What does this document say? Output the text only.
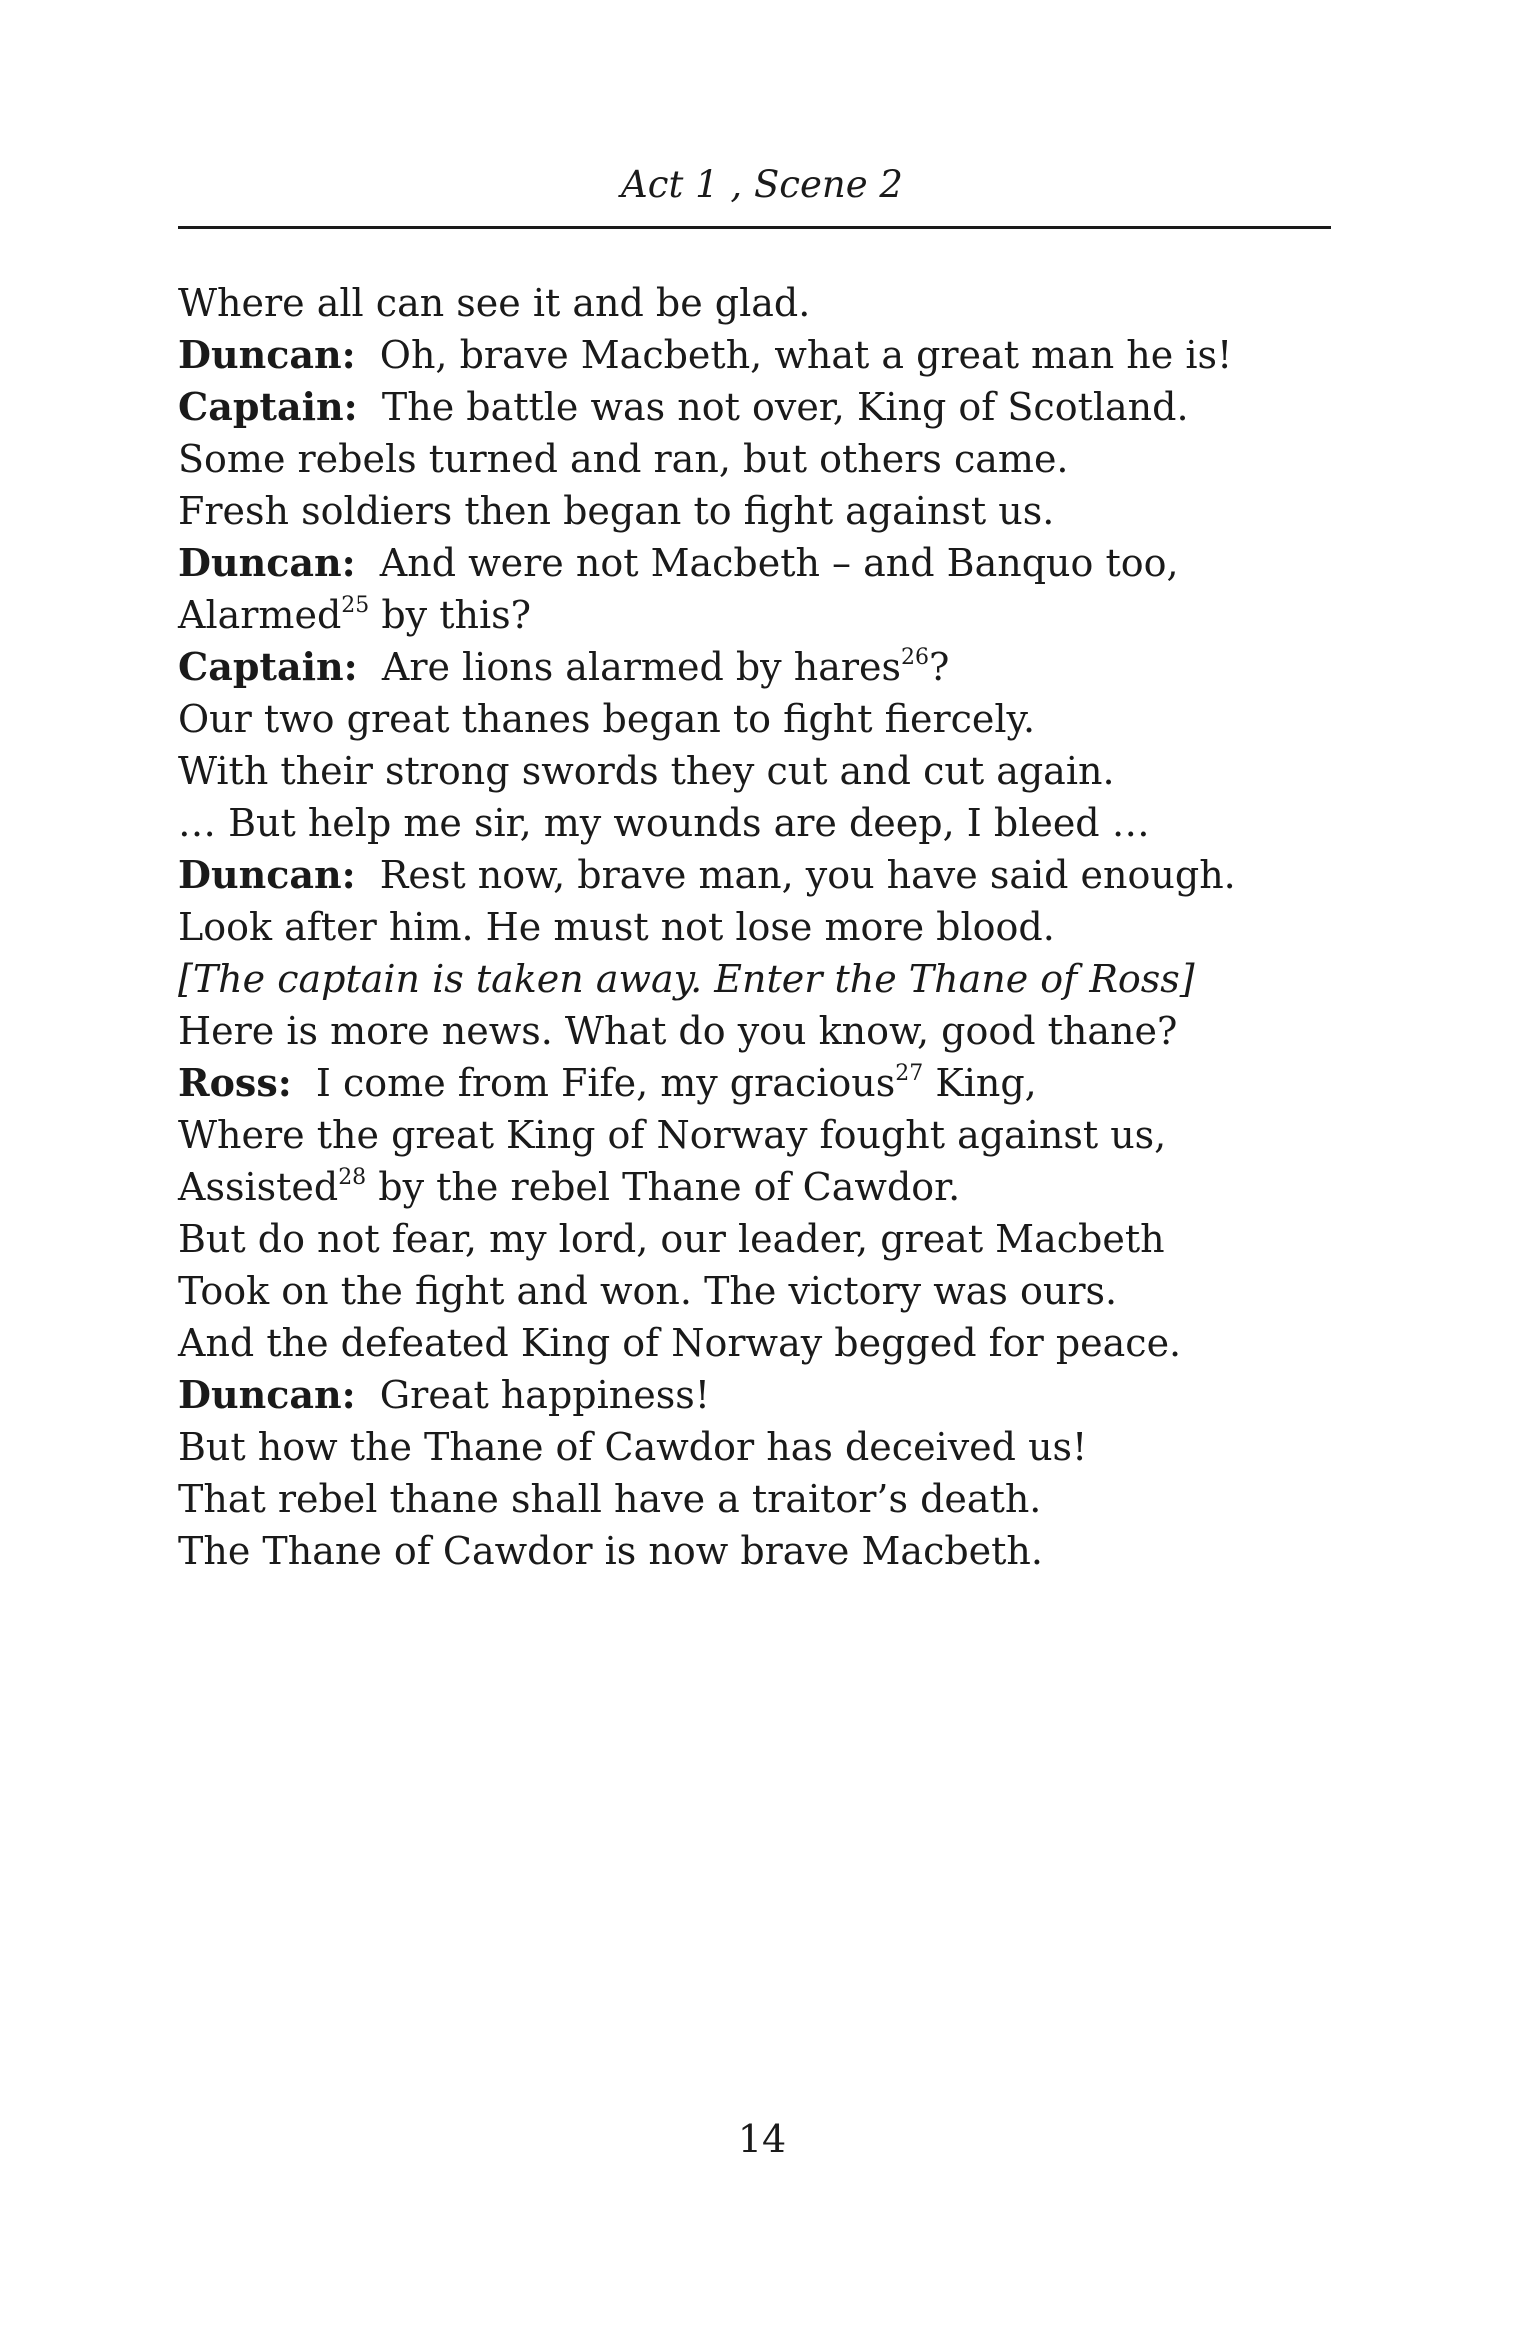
Act 1 , Scene 2
Where all can see it and be glad.
Duncan: Oh, brave Macbeth, what a great man he is!
Captain: The battle was not over, King of Scotland.
Some rebels turned and ran, but others came.
Fresh soldiers then began to fight against us.
Duncan: And were not Macbeth – and Banquo too,
Alarmed$^{25}$ by this?
Captain: Are lions alarmed by hares$^{26}$?
Our two great thanes began to fight fiercely.
With their strong swords they cut and cut again.
… But help me sir, my wounds are deep, I bleed …
Duncan: Rest now, brave man, you have said enough.
Look after him. He must not lose more blood.
[The captain is taken away. Enter the Thane of Ross]
Here is more news. What do you know, good thane?
Ross: I come from Fife, my gracious$^{27}$ King,
Where the great King of Norway fought against us,
Assisted$^{28}$ by the rebel Thane of Cawdor.
But do not fear, my lord, our leader, great Macbeth
Took on the fight and won. The victory was ours.
And the defeated King of Norway begged for peace.
Duncan: Great happiness!
But how the Thane of Cawdor has deceived us!
That rebel thane shall have a traitor’s death.
The Thane of Cawdor is now brave Macbeth.
14
